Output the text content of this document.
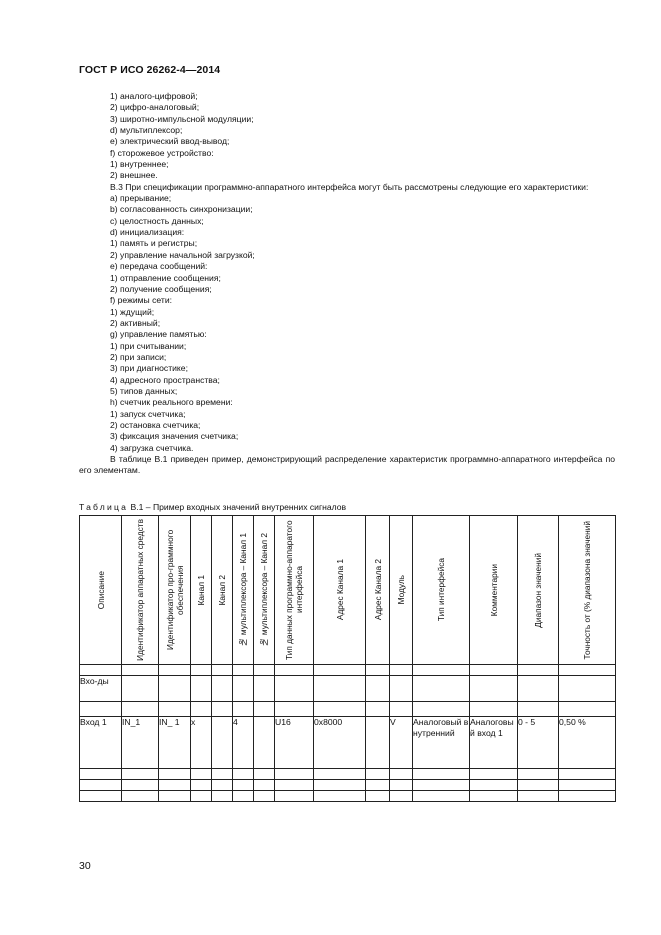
ГОСТ Р ИСО 26262-4—2014
1) аналого-цифровой;
2) цифро-аналоговый;
3) широтно-импульсной модуляции;
d) мультиплексор;
e) электрический ввод-вывод;
f) сторожевое устройство:
1) внутреннее;
2) внешнее.
В.3 При спецификации программно-аппаратного интерфейса могут быть рассмотрены следующие его характеристики:
a) прерывание;
b) согласованность синхронизации;
c) целостность данных;
d) инициализация:
1) память и регистры;
2) управление начальной загрузкой;
e) передача сообщений:
1) отправление сообщения;
2) получение сообщения;
f) режимы сети:
1) ждущий;
2) активный;
g) управление памятью:
1) при считывании;
2) при записи;
3) при диагностике;
4) адресного пространства;
5) типов данных;
h) счетчик реального времени:
1) запуск счетчика;
2) остановка счетчика;
3) фиксация значения счетчика;
4) загрузка счетчика.
В таблице В.1 приведен пример, демонстрирующий распределение характеристик программно-аппаратного интерфейса по его элементам.
Таблица В.1 – Пример входных значений внутренних сигналов
Описание	Идентификатор аппаратных средств	Идентификатор про-граммного обеспечения	Канал 1	Канал 2	№ мультиплексора – Канал 1	№ мультиплексора – Канал 2	Тип данных программно-аппаратого интерфейса	Адрес Канала 1	Адрес Канала 2	Модуль	Тип интерфейса	Комментарии	Диапазон значений	Точность от (% диапазона значений

Вхо-ды														

Вход 1	IN_1	IN_ 1	x		4		U16	0x8000		V	Аналоговый внутренний	Аналоговый вход 1	0 - 5	0,50 %

30
